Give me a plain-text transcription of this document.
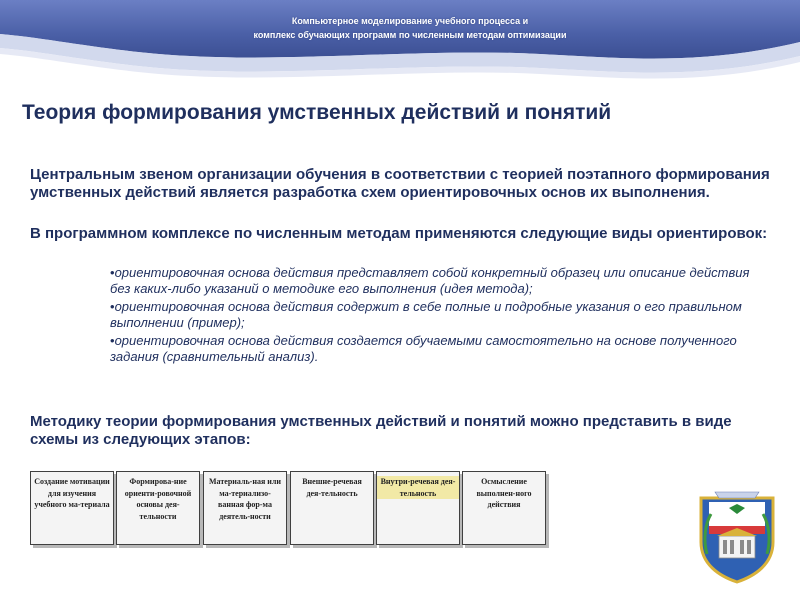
Компьютерное моделирование учебного процесса и
комплекс обучающих программ по численным методам оптимизации
Теория формирования умственных действий и понятий

Центральным звеном организации обучения в соответствии с теорией поэтапного формирования умственных действий является разработка схем ориентировочных основ их выполнения.

В программном комплексе по численным методам применяются следующие виды ориентировок:

• ориентировочная основа действия представляет собой конкретный образец или описание действия без каких-либо указаний о методике его выполнения (идея метода);
• ориентировочная основа действия содержит в себе полные и подробные указания о его правильном выполнении (пример);
• ориентировочная основа действия создается обучаемыми самостоятельно на основе полученного задания (сравнительный анализ).

Методику теории формирования умственных действий и понятий можно представить в виде схемы из следующих этапов:

Создание мотивации для изучения учебного ма-териала
Формирова-ние ориенти-ровочной основы дея-тельности
Материаль-ная или ма-териализо-ванная фор-ма деятель-ности
Внешне-речевая дея-тельность
Внутри-речевая дея-тельность
Осмысление выполнен-ного действия
